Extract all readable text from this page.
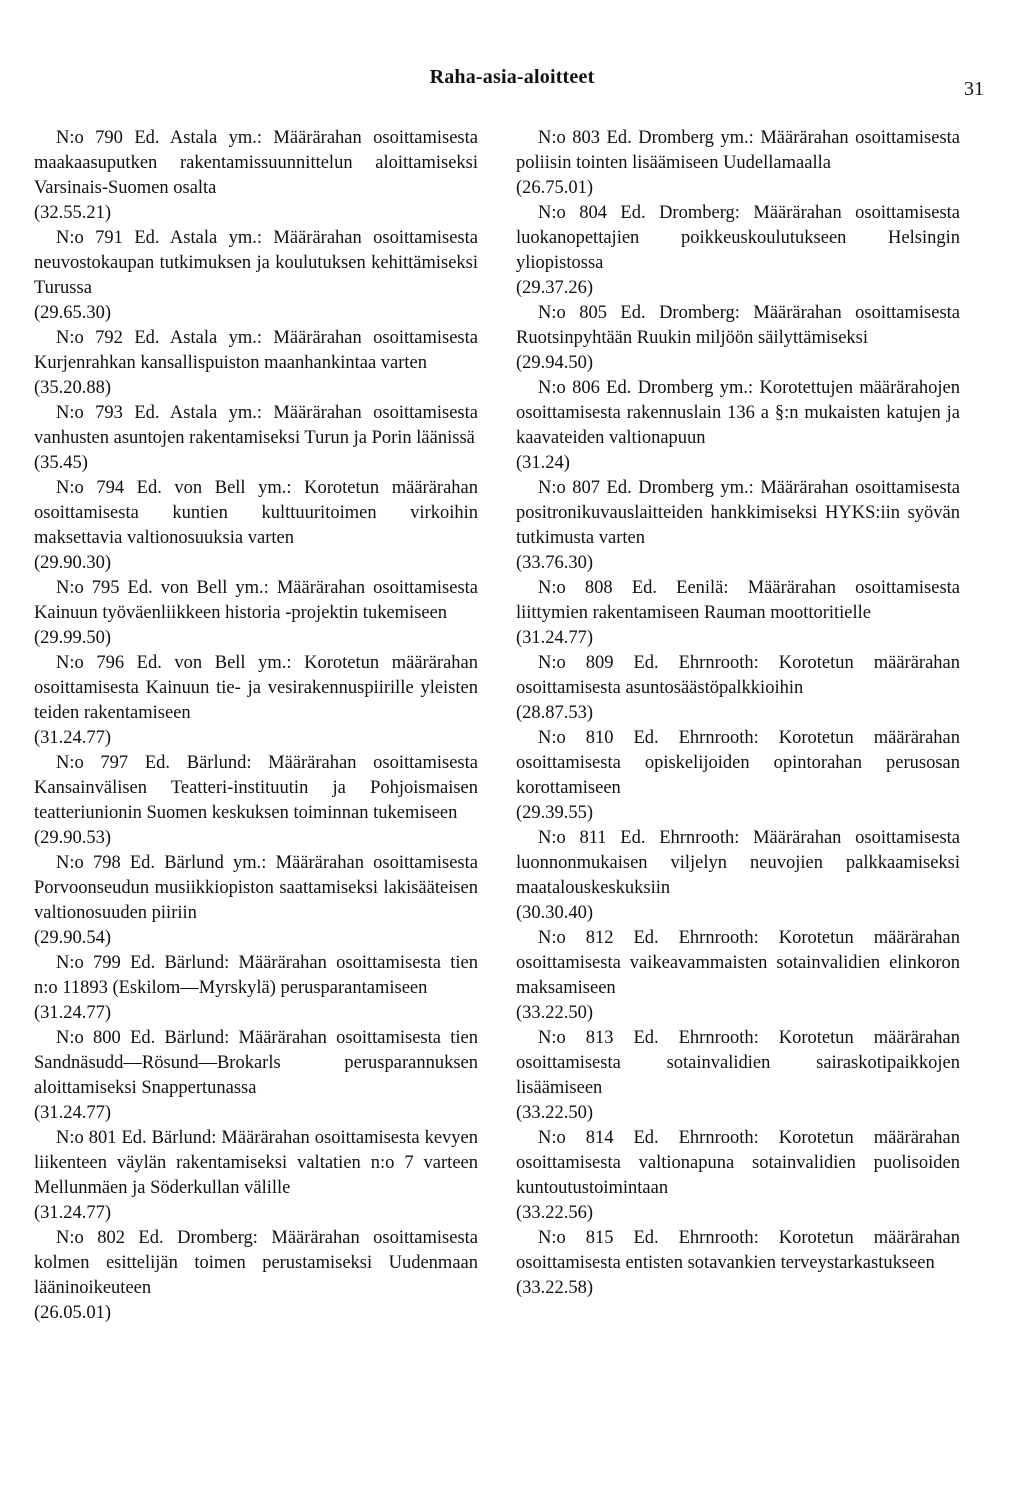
Raha-asia-aloitteet
31

N:o 790 Ed. Astala ym.: Määrärahan osoittamisesta maakaasuputken rakentamissuunnittelun aloittamiseksi Varsinais-Suomen osalta

(32.55.21)

N:o 791 Ed. Astala ym.: Määrärahan osoittamisesta neuvostokaupan tutkimuksen ja koulutuksen kehittämiseksi Turussa

(29.65.30)

N:o 792 Ed. Astala ym.: Määrärahan osoittamisesta Kurjenrahkan kansallispuiston maanhankintaa varten

(35.20.88)

N:o 793 Ed. Astala ym.: Määrärahan osoittamisesta vanhusten asuntojen rakentamiseksi Turun ja Porin läänissä

(35.45)

N:o 794 Ed. von Bell ym.: Korotetun määrärahan osoittamisesta kuntien kulttuuritoimen virkoihin maksettavia valtionosuuksia varten

(29.90.30)

N:o 795 Ed. von Bell ym.: Määrärahan osoittamisesta Kainuun työväenliikkeen historia -projektin tukemiseen

(29.99.50)

N:o 796 Ed. von Bell ym.: Korotetun määrärahan osoittamisesta Kainuun tie- ja vesirakennuspiirille yleisten teiden rakentamiseen

(31.24.77)

N:o 797 Ed. Bärlund: Määrärahan osoittamisesta Kansainvälisen Teatteri-instituutin ja Pohjoismaisen teatteriunionin Suomen keskuksen toiminnan tukemiseen

(29.90.53)

N:o 798 Ed. Bärlund ym.: Määrärahan osoittamisesta Porvoonseudun musiikkiopiston saattamiseksi lakisääteisen valtionosuuden piiriin

(29.90.54)

N:o 799 Ed. Bärlund: Määrärahan osoittamisesta tien n:o 11893 (Eskilom—Myrskylä) perusparantamiseen

(31.24.77)

N:o 800 Ed. Bärlund: Määrärahan osoittamisesta tien Sandnäsudd—Rösund—Brokarls perusparannuksen aloittamiseksi Snappertunassa

(31.24.77)

N:o 801 Ed. Bärlund: Määrärahan osoittamisesta kevyen liikenteen väylän rakentamiseksi valtatien n:o 7 varteen Mellunmäen ja Söderkullan välille

(31.24.77)

N:o 802 Ed. Dromberg: Määrärahan osoittamisesta kolmen esittelijän toimen perustamiseksi Uudenmaan lääninoikeuteen

(26.05.01)

N:o 803 Ed. Dromberg ym.: Määrärahan osoittamisesta poliisin tointen lisäämiseen Uudellamaalla

(26.75.01)

N:o 804 Ed. Dromberg: Määrärahan osoittamisesta luokanopettajien poikkeuskoulutukseen Helsingin yliopistossa

(29.37.26)

N:o 805 Ed. Dromberg: Määrärahan osoittamisesta Ruotsinpyhtään Ruukin miljöön säilyttämiseksi

(29.94.50)

N:o 806 Ed. Dromberg ym.: Korotettujen määrärahojen osoittamisesta rakennuslain 136 a §:n mukaisten katujen ja kaavateiden valtionapuun

(31.24)

N:o 807 Ed. Dromberg ym.: Määrärahan osoittamisesta positronikuvauslaitteiden hankkimiseksi HYKS:iin syövän tutkimusta varten

(33.76.30)

N:o 808 Ed. Eenilä: Määrärahan osoittamisesta liittymien rakentamiseen Rauman moottoritielle

(31.24.77)

N:o 809 Ed. Ehrnrooth: Korotetun määrärahan osoittamisesta asuntosäästöpalkkioihin

(28.87.53)

N:o 810 Ed. Ehrnrooth: Korotetun määrärahan osoittamisesta opiskelijoiden opintorahan perusosan korottamiseen

(29.39.55)

N:o 811 Ed. Ehrnrooth: Määrärahan osoittamisesta luonnonmukaisen viljelyn neuvojien palkkaamiseksi maatalouskeskuksiin

(30.30.40)

N:o 812 Ed. Ehrnrooth: Korotetun määrärahan osoittamisesta vaikeavammaisten sotainvalidien elinkoron maksamiseen

(33.22.50)

N:o 813 Ed. Ehrnrooth: Korotetun määrärahan osoittamisesta sotainvalidien sairaskotipaikkojen lisäämiseen

(33.22.50)

N:o 814 Ed. Ehrnrooth: Korotetun määrärahan osoittamisesta valtionapuna sotainvalidien puolisoiden kuntoutustoimintaan

(33.22.56)

N:o 815 Ed. Ehrnrooth: Korotetun määrärahan osoittamisesta entisten sotavankien terveystarkastukseen

(33.22.58)
